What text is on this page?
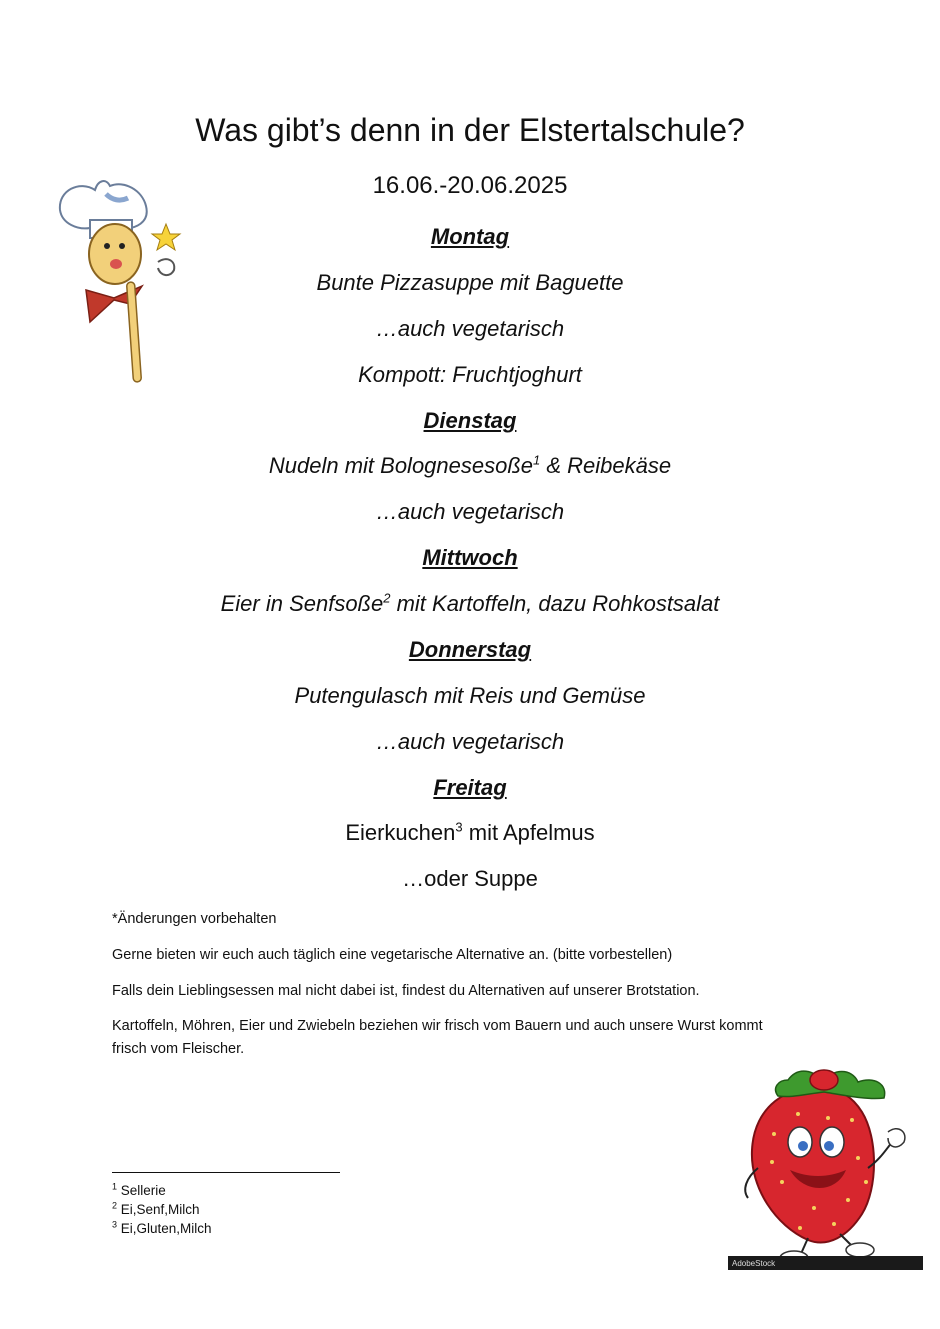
Was gibt’s denn in der Elstertalschule?
16.06.-20.06.2025
Montag
Bunte Pizzasuppe mit Baguette
…auch vegetarisch
Kompott: Fruchtjoghurt
Dienstag
Nudeln mit Bolognesesoße$^1$ & Reibekäse
…auch vegetarisch
Mittwoch
Eier in Senfsoße$^2$ mit Kartoffeln, dazu Rohkostsalat
Donnerstag
Putengulasch mit Reis und Gemüse
…auch vegetarisch
Freitag
Eierkuchen$^3$ mit Apfelmus
…oder Suppe
*Änderungen vorbehalten
Gerne bieten wir euch auch täglich eine vegetarische Alternative an. (bitte vorbestellen)
Falls dein Lieblingsessen mal nicht dabei ist, findest du Alternativen auf unserer Brotstation.
Kartoffeln, Möhren, Eier und Zwiebeln beziehen wir frisch vom Bauern und auch unsere Wurst kommt frisch vom Fleischer.
$^1$ Sellerie
$^2$ Ei,Senf,Milch
$^3$ Ei,Gluten,Milch
AdobeStock
